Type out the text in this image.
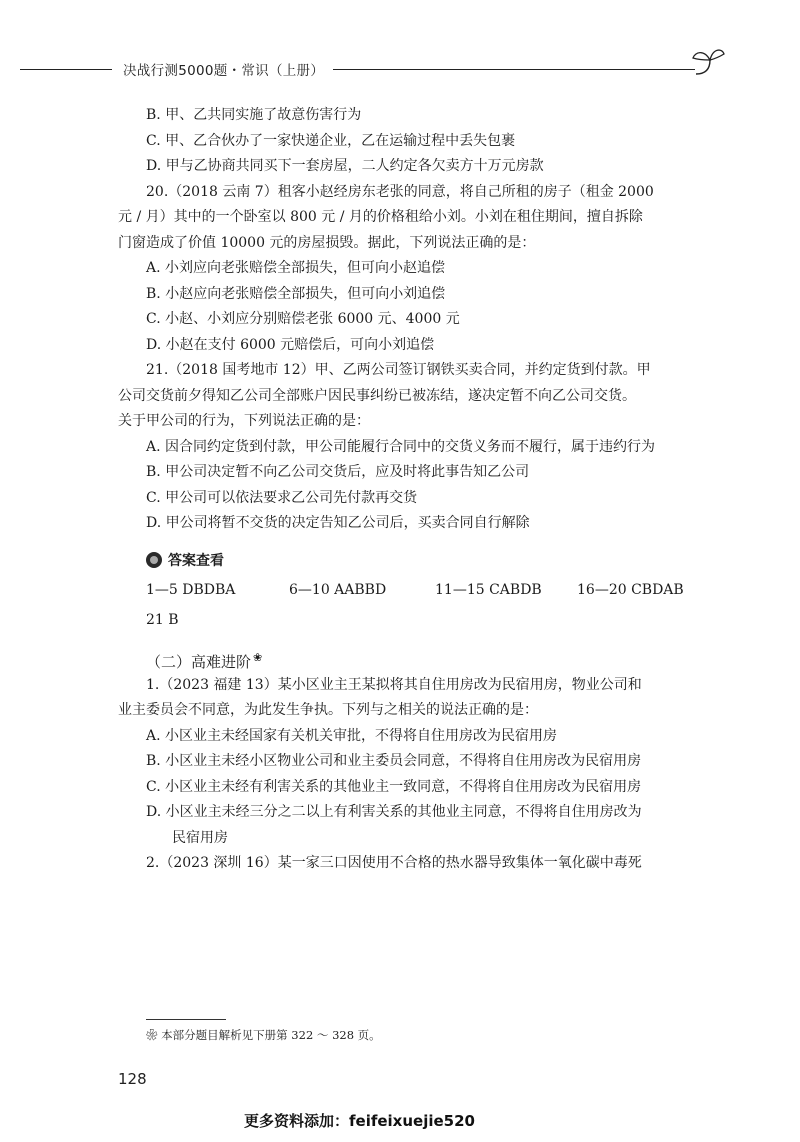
决战行测5000题・常识（上册）
B. 甲、乙共同实施了故意伤害行为
C. 甲、乙合伙办了一家快递企业，乙在运输过程中丢失包裹
D. 甲与乙协商共同买下一套房屋，二人约定各欠卖方十万元房款
20.（2018 云南 7）租客小赵经房东老张的同意，将自己所租的房子（租金 2000
元 / 月）其中的一个卧室以 800 元 / 月的价格租给小刘。小刘在租住期间，擅自拆除
门窗造成了价值 10000 元的房屋损毁。据此，下列说法正确的是：
A. 小刘应向老张赔偿全部损失，但可向小赵追偿
B. 小赵应向老张赔偿全部损失，但可向小刘追偿
C. 小赵、小刘应分别赔偿老张 6000 元、4000 元
D. 小赵在支付 6000 元赔偿后，可向小刘追偿
21.（2018 国考地市 12）甲、乙两公司签订钢铁买卖合同，并约定货到付款。甲
公司交货前夕得知乙公司全部账户因民事纠纷已被冻结，遂决定暂不向乙公司交货。
关于甲公司的行为，下列说法正确的是：
A. 因合同约定货到付款，甲公司能履行合同中的交货义务而不履行，属于违约行为
B. 甲公司决定暂不向乙公司交货后，应及时将此事告知乙公司
C. 甲公司可以依法要求乙公司先付款再交货
D. 甲公司将暂不交货的决定告知乙公司后，买卖合同自行解除
答案查看
1—5 DBDBA	6—10 AABBD	11—15 CABDB	16—20 CBDAB
21 B
（二）高难进阶 ❀
1.（2023 福建 13）某小区业主王某拟将其自住用房改为民宿用房，物业公司和
业主委员会不同意，为此发生争执。下列与之相关的说法正确的是：
A. 小区业主未经国家有关机关审批，不得将自住用房改为民宿用房
B. 小区业主未经小区物业公司和业主委员会同意，不得将自住用房改为民宿用房
C. 小区业主未经有利害关系的其他业主一致同意，不得将自住用房改为民宿用房
D. 小区业主未经三分之二以上有利害关系的其他业主同意，不得将自住用房改为
民宿用房
2.（2023 深圳 16）某一家三口因使用不合格的热水器导致集体一氧化碳中毒死
❀ 本部分题目解析见下册第 322 ～ 328 页。
128
更多资料添加：feifeixuejie520
